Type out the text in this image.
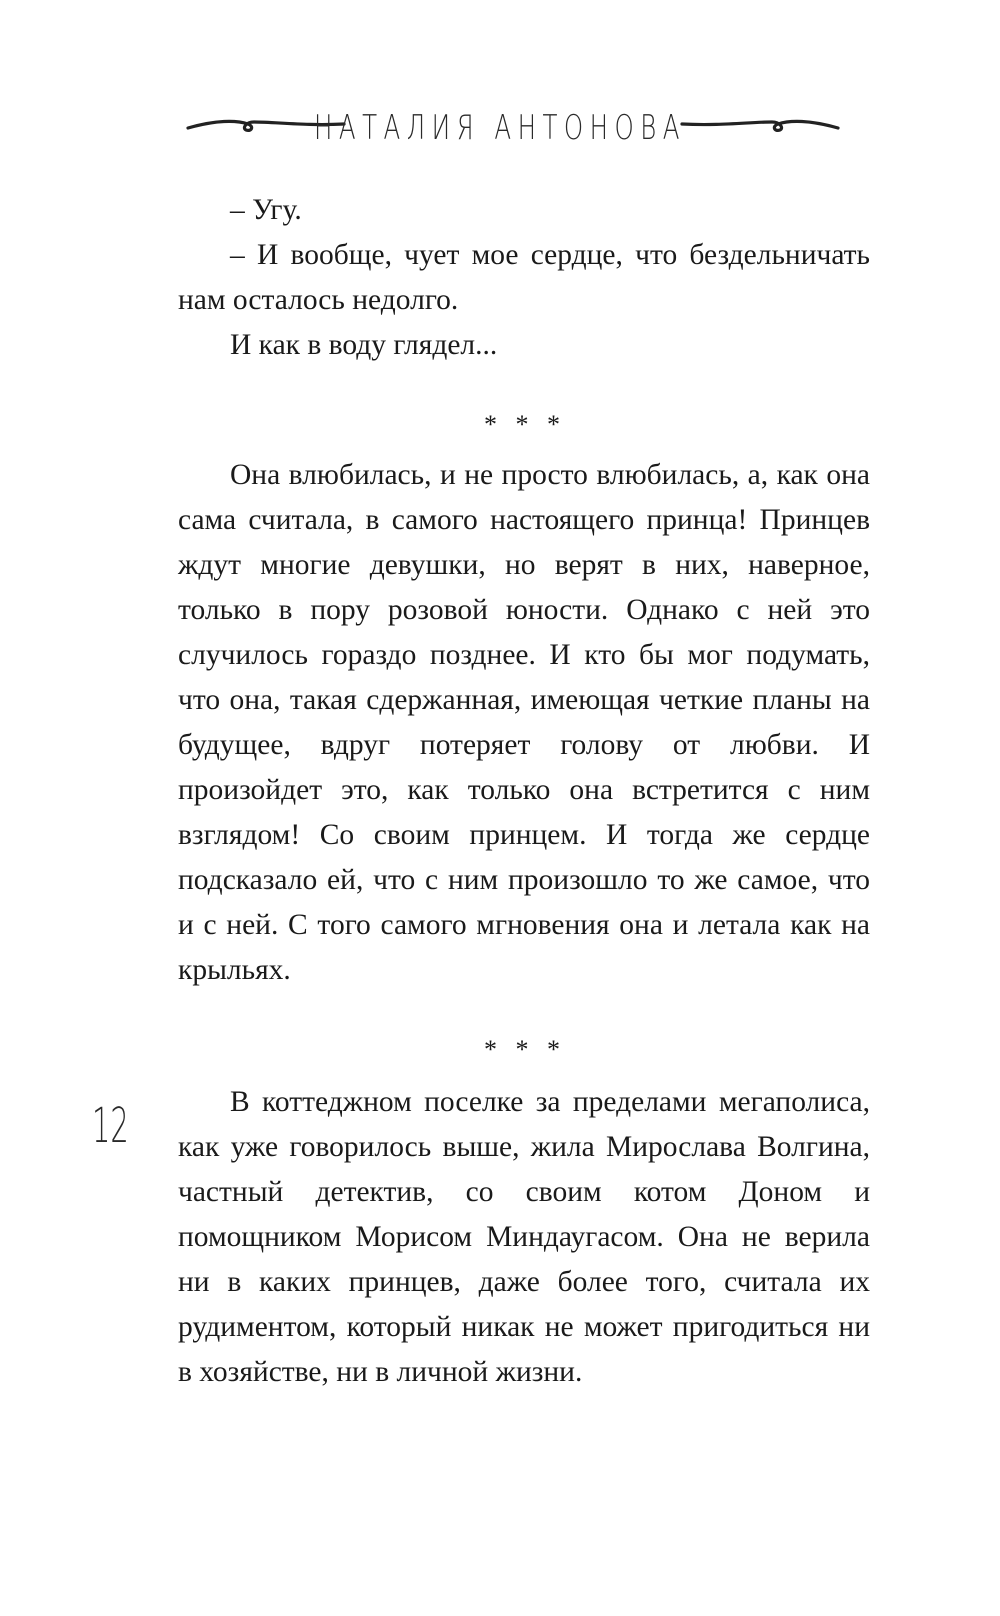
НАТАЛИЯ АНТОНОВА

– Угу.

– И вообще, чует мое сердце, что бездельничать нам осталось недолго.

И как в воду глядел...

* * *

Она влюбилась, и не просто влюбилась, а, как она сама считала, в самого настоящего принца! Принцев ждут многие девушки, но верят в них, наверное, только в пору розовой юности. Однако с ней это случилось гораздо позднее. И кто бы мог подумать, что она, такая сдержанная, имеющая четкие планы на будущее, вдруг потеряет голову от любви. И произойдет это, как только она встретится с ним взглядом! Со своим принцем. И тогда же сердце подсказало ей, что с ним произошло то же самое, что и с ней. С того самого мгновения она и летала как на крыльях.

* * *
12	В коттеджном поселке за пределами мегаполиса, как уже говорилось выше, жила Мирослава Волгина, частный детектив, со своим котом Доном и помощником Морисом Миндаугасом. Она не верила ни в каких принцев, даже более того, считала их рудиментом, который никак не может пригодиться ни в хозяйстве, ни в личной жизни.
